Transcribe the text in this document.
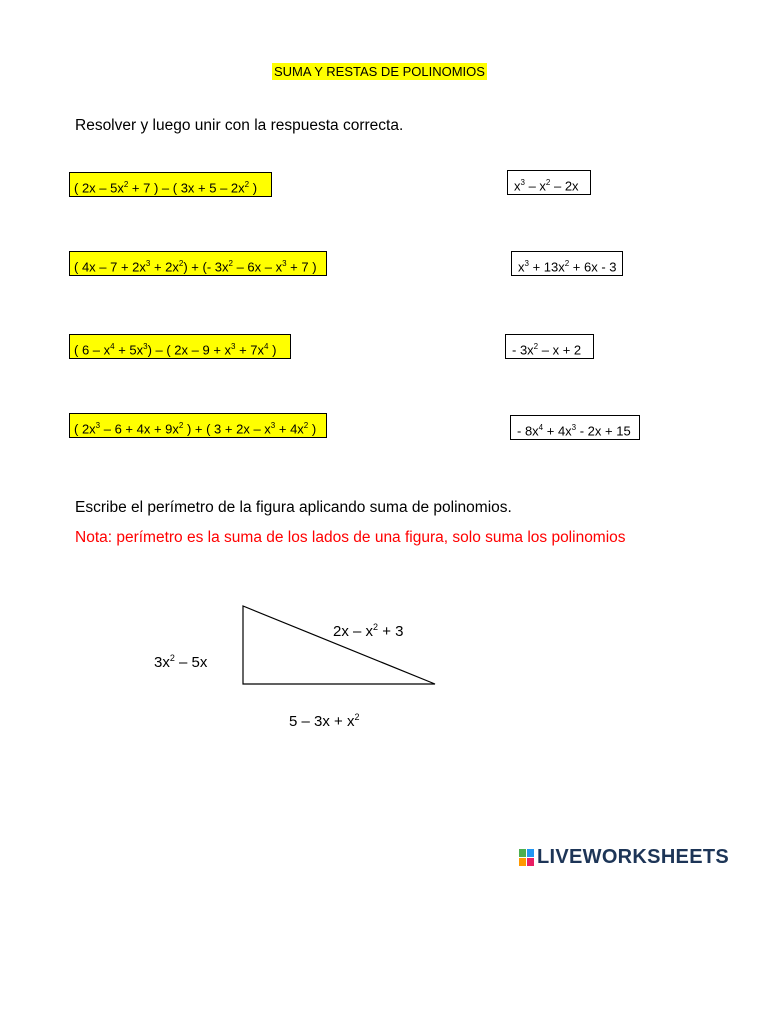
SUMA Y RESTAS DE POLINOMIOS
Resolver y luego unir con la respuesta correcta.
( $2x - 5x^2 + 7$ ) – ( $3x + 5 - 2x^2$ )
( $4x - 7 + 2x^3 + 2x^2$) + (- $3x^2 - 6x - x^3 + 7$ )
( $6 - x^4 + 5x^3$) – ( $2x - 9 + x^3 + 7x^4$ )
( $2x^3 - 6 + 4x + 9x^2$ ) + ( $3 + 2x - x^3 + 4x^2$ )
$x^3 - x^2 - 2x$
$x^3 + 13x^2 + 6x - 3$
- $3x^2 - x + 2$
- $8x^4 + 4x^3 - 2x + 15$
Escribe el perímetro de la figura aplicando suma de polinomios.
Nota: perímetro es la suma de los lados de una figura, solo suma los polinomios
$3x^2 - 5x$
$2x - x^2 + 3$
$5 - 3x + x^2$
LIVEWORKSHEETS
